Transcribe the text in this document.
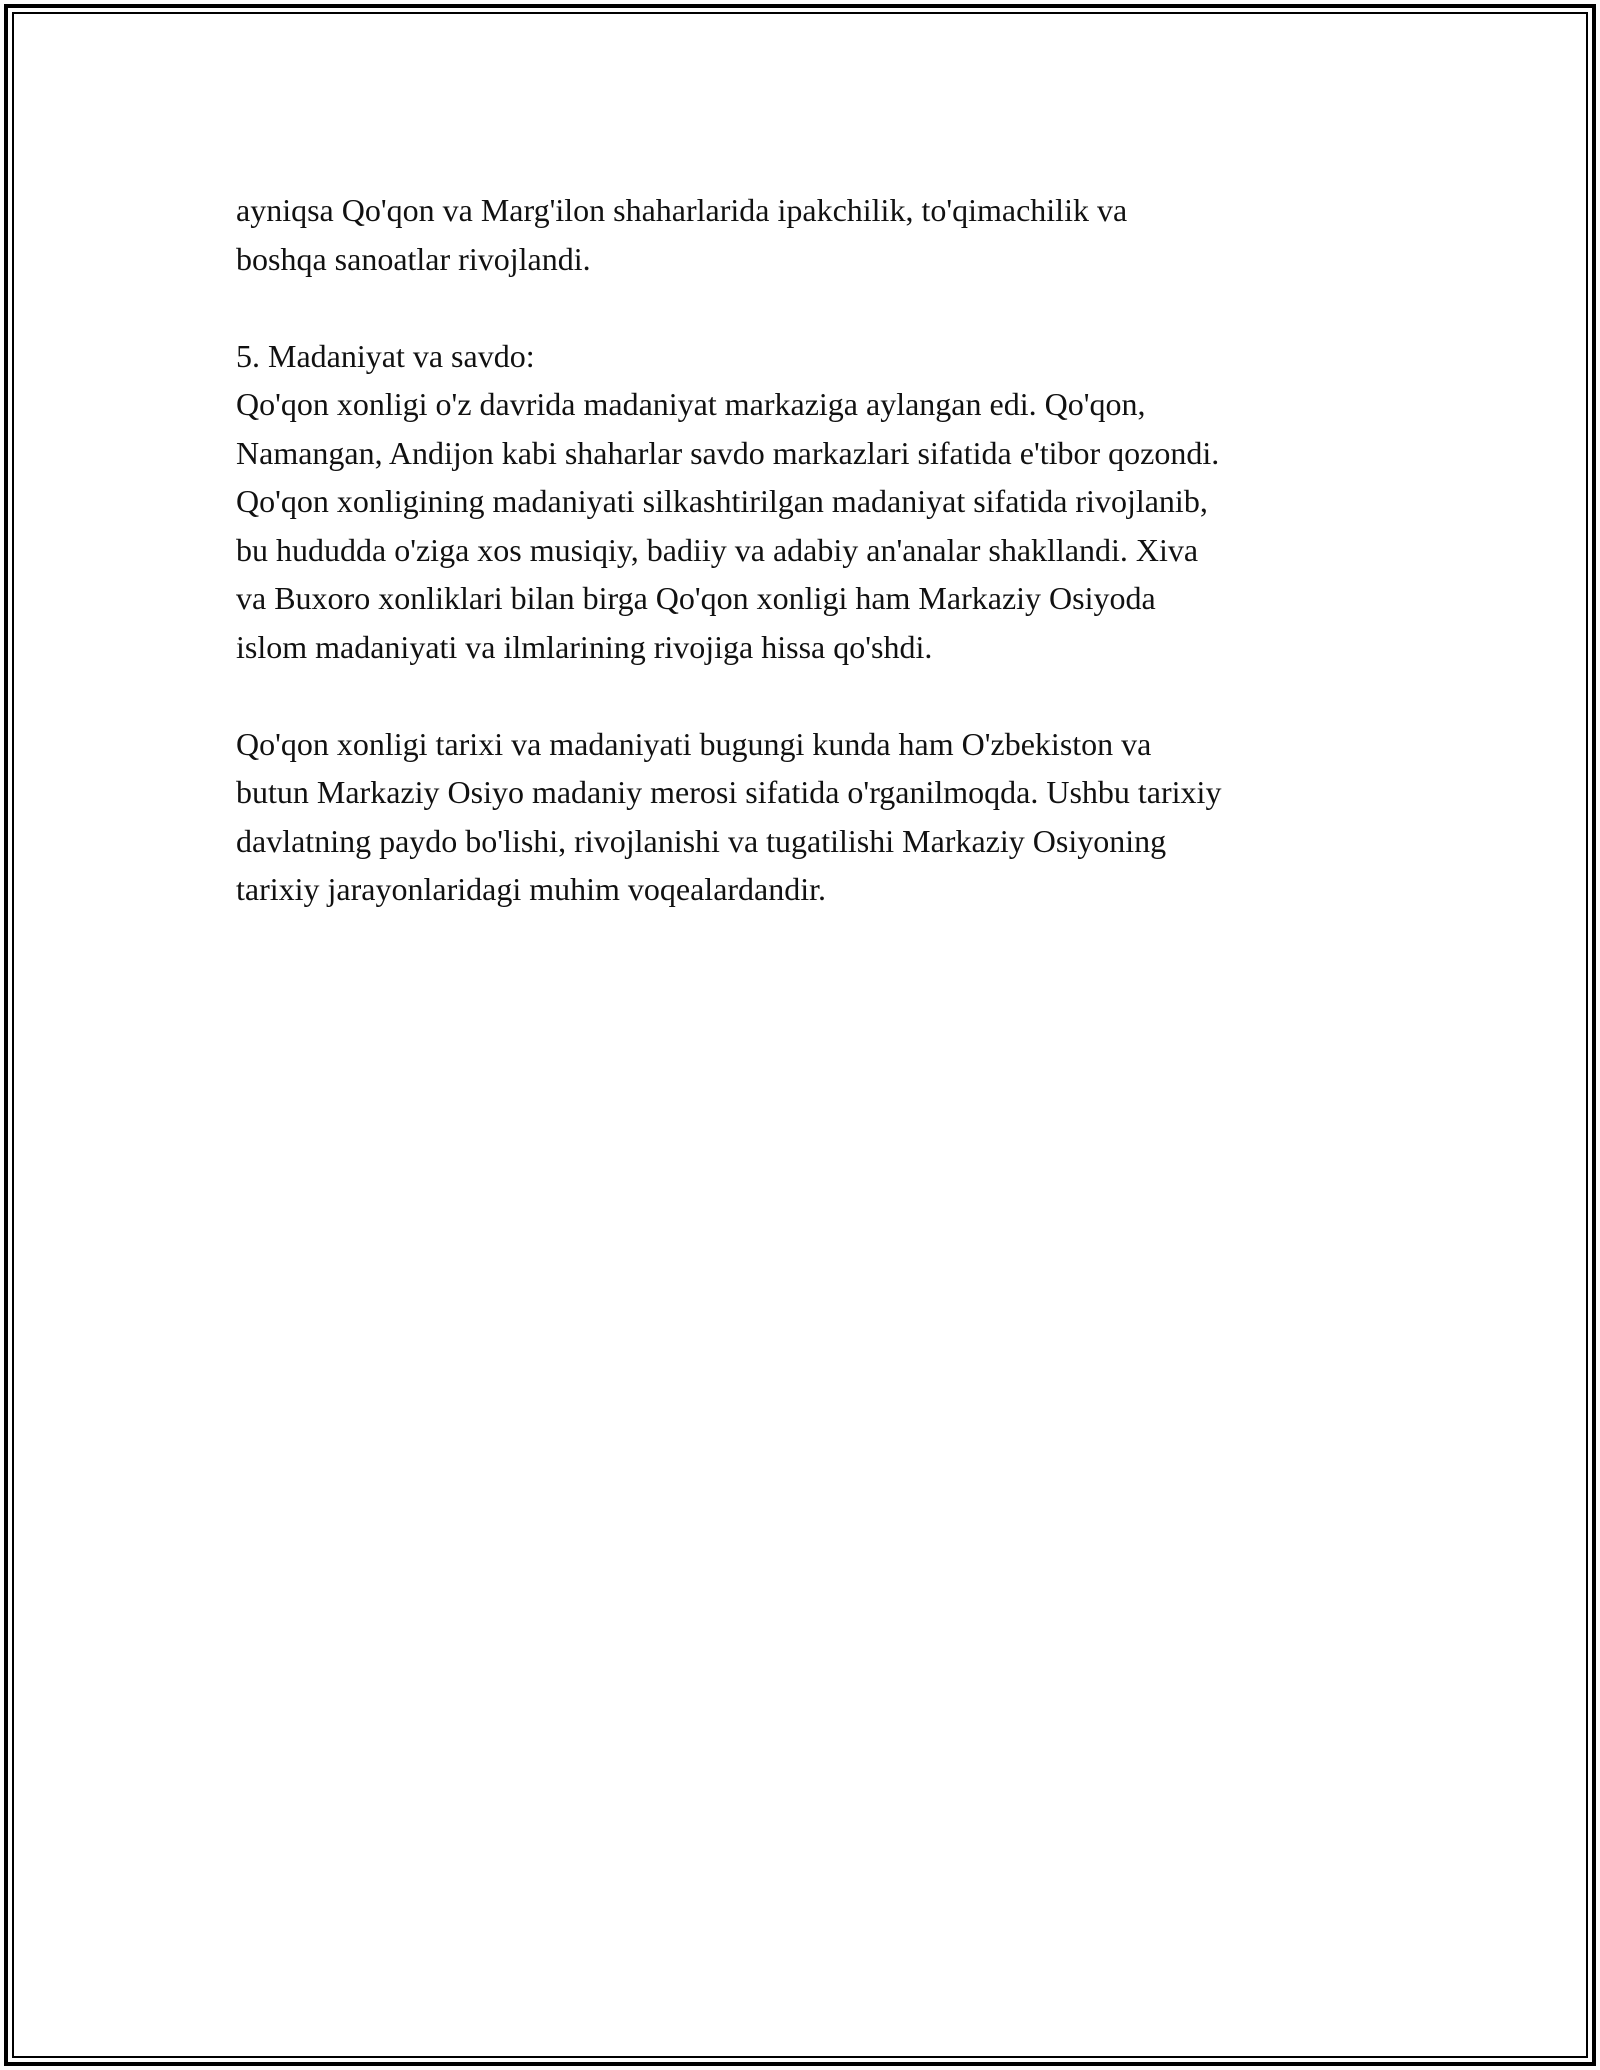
ayniqsa Qo'qon va Marg'ilon shaharlarida ipakchilik, to'qimachilik va
boshqa sanoatlar rivojlandi.

5. Madaniyat va savdo:
Qo'qon xonligi o'z davrida madaniyat markaziga aylangan edi. Qo'qon,
Namangan, Andijon kabi shaharlar savdo markazlari sifatida e'tibor qozondi.
Qo'qon xonligining madaniyati silkashtirilgan madaniyat sifatida rivojlanib,
bu hududda o'ziga xos musiqiy, badiiy va adabiy an'analar shakllandi. Xiva
va Buxoro xonliklari bilan birga Qo'qon xonligi ham Markaziy Osiyoda
islom madaniyati va ilmlarining rivojiga hissa qo'shdi.

Qo'qon xonligi tarixi va madaniyati bugungi kunda ham O'zbekiston va
butun Markaziy Osiyo madaniy merosi sifatida o'rganilmoqda. Ushbu tarixiy
davlatning paydo bo'lishi, rivojlanishi va tugatilishi Markaziy Osiyoning
tarixiy jarayonlaridagi muhim voqealardandir.
